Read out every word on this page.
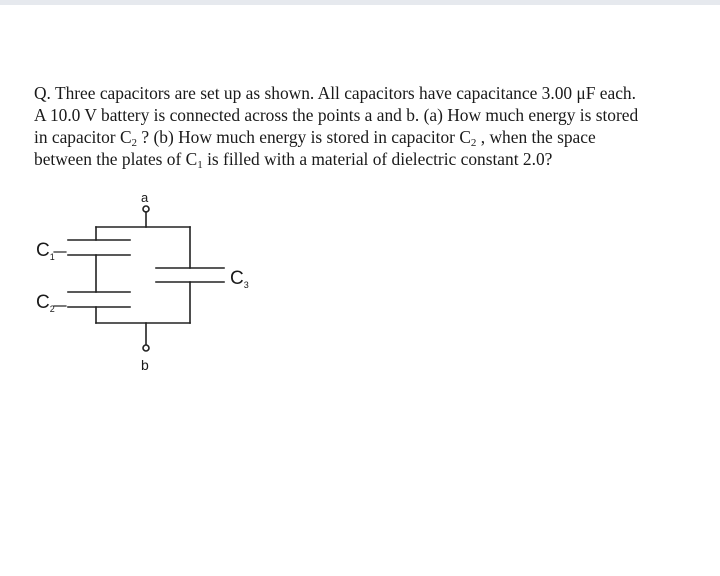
Q. Three capacitors are set up as shown. All capacitors have capacitance 3.00 μF each.
A 10.0 V battery is connected across the points a and b. (a) How much energy is stored
in capacitor $C_2$ ? (b) How much energy is stored in capacitor $C_2$ , when the space
between the plates of $C_1$ is filled with a material of dielectric constant 2.0?
a
b
$C_1$
$C_2$
$C_3$
